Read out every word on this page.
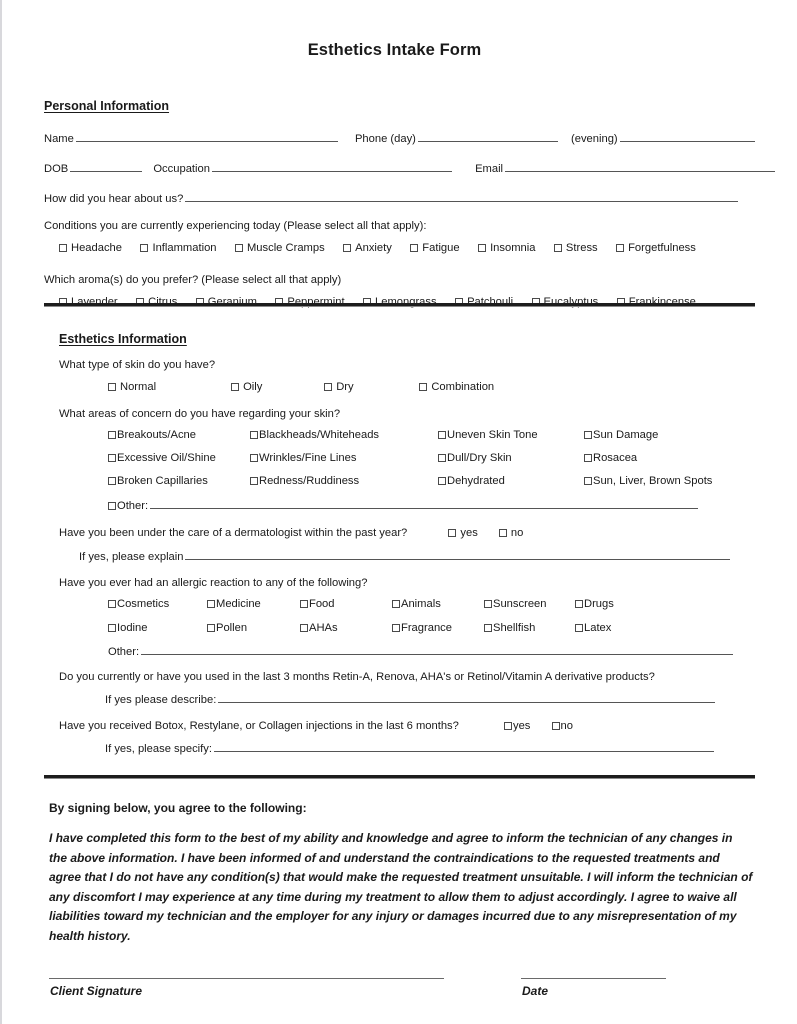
Esthetics Intake Form
Personal Information
Name	Phone (day)	(evening)
DOB	Occupation	Email
How did you hear about us?
Conditions you are currently experiencing today (Please select all that apply):
Headache	Inflammation	Muscle Cramps	Anxiety	Fatigue	Insomnia	Stress	Forgetfulness
Which aroma(s) do you prefer? (Please select all that apply)
Lavender	Citrus	Geranium	Peppermint	Lemongrass	Patchouli	Eucalyptus	Frankincense
Esthetics Information
What type of skin do you have?
Normal	Oily	Dry	Combination
What areas of concern do you have regarding your skin?
Breakouts/Acne	Blackheads/Whiteheads	Uneven Skin Tone	Sun Damage
Excessive Oil/Shine	Wrinkles/Fine Lines	Dull/Dry Skin	Rosacea
Broken Capillaries	Redness/Ruddiness	Dehydrated	Sun, Liver, Brown Spots
Other:
Have you been under the care of a dermatologist within the past year?	yes	no
If yes, please explain
Have you ever had an allergic reaction to any of the following?
Cosmetics	Medicine	Food	Animals	Sunscreen	Drugs
Iodine	Pollen	AHAs	Fragrance	Shellfish	Latex
Other:
Do you currently or have you used in the last 3 months Retin-A, Renova, AHA's or Retinol/Vitamin A derivative products?
If yes please describe:
Have you received Botox, Restylane, or Collagen injections in the last 6 months?	yes	no
If yes, please specify:
By signing below, you agree to the following:
I have completed this form to the best of my ability and knowledge and agree to inform the technician of any changes in the above information. I have been informed of and understand the contraindications to the requested treatments and agree that I do not have any condition(s) that would make the requested treatment unsuitable. I will inform the technician of any discomfort I may experience at any time during my treatment to allow them to adjust accordingly. I agree to waive all liabilities toward my technician and the employer for any injury or damages incurred due to any misrepresentation of my health history.
Client Signature	Date
